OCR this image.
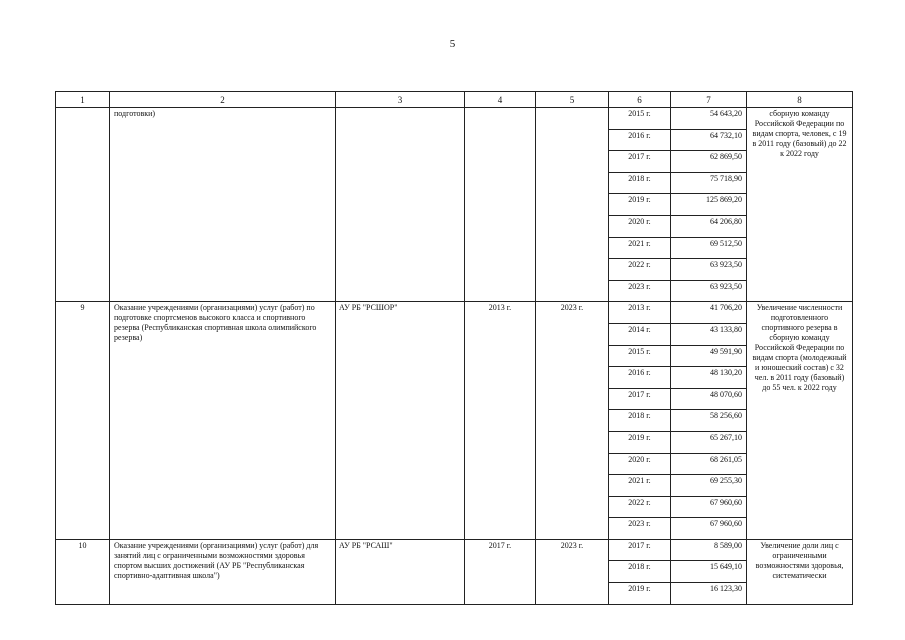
5
1	2	3	4	5	6	7	8
	подготовки)				2015 г.	54 643,20	сборную команду Российской Федерации по видам спорта, человек, с 19 в 2011 году (базовый) до 22 к 2022 году
					2016 г.	64 732,10	
					2017 г.	62 869,50	
					2018 г.	75 718,90	
					2019 г.	125 869,20	
					2020 г.	64 206,80	
					2021 г.	69 512,50	
					2022 г.	63 923,50	
					2023 г.	63 923,50	
9	Оказание учреждениями (организациями) услуг (работ) по подготовке спортсменов высокого класса и спортивного резерва (Республиканская спортивная школа олимпийского резерва)	АУ РБ "РСШОР"	2013 г.	2023 г.	2013 г.	41 706,20	Увеличение численности подготовленного спортивного резерва в сборную команду Российской Федерации по видам спорта (молодежный и юношеский состав) с 32 чел. в 2011 году (базовый) до 55 чел. к 2022 году
					2014 г.	43 133,80	
					2015 г.	49 591,90	
					2016 г.	48 130,20	
					2017 г.	48 070,60	
					2018 г.	58 256,60	
					2019 г.	65 267,10	
					2020 г.	68 261,05	
					2021 г.	69 255,30	
					2022 г.	67 960,60	
					2023 г.	67 960,60	
10	Оказание учреждениями (организациями) услуг (работ) для занятий лиц с ограниченными возможностями здоровья спортом высших достижений (АУ РБ "Республиканская спортивно-адаптивная школа")	АУ РБ "РСАШ"	2017 г.	2023 г.	2017 г.	8 589,00	Увеличение доли лиц с ограниченными возможностями здоровья, систематически
					2018 г.	15 649,10	
					2019 г.	16 123,30	
